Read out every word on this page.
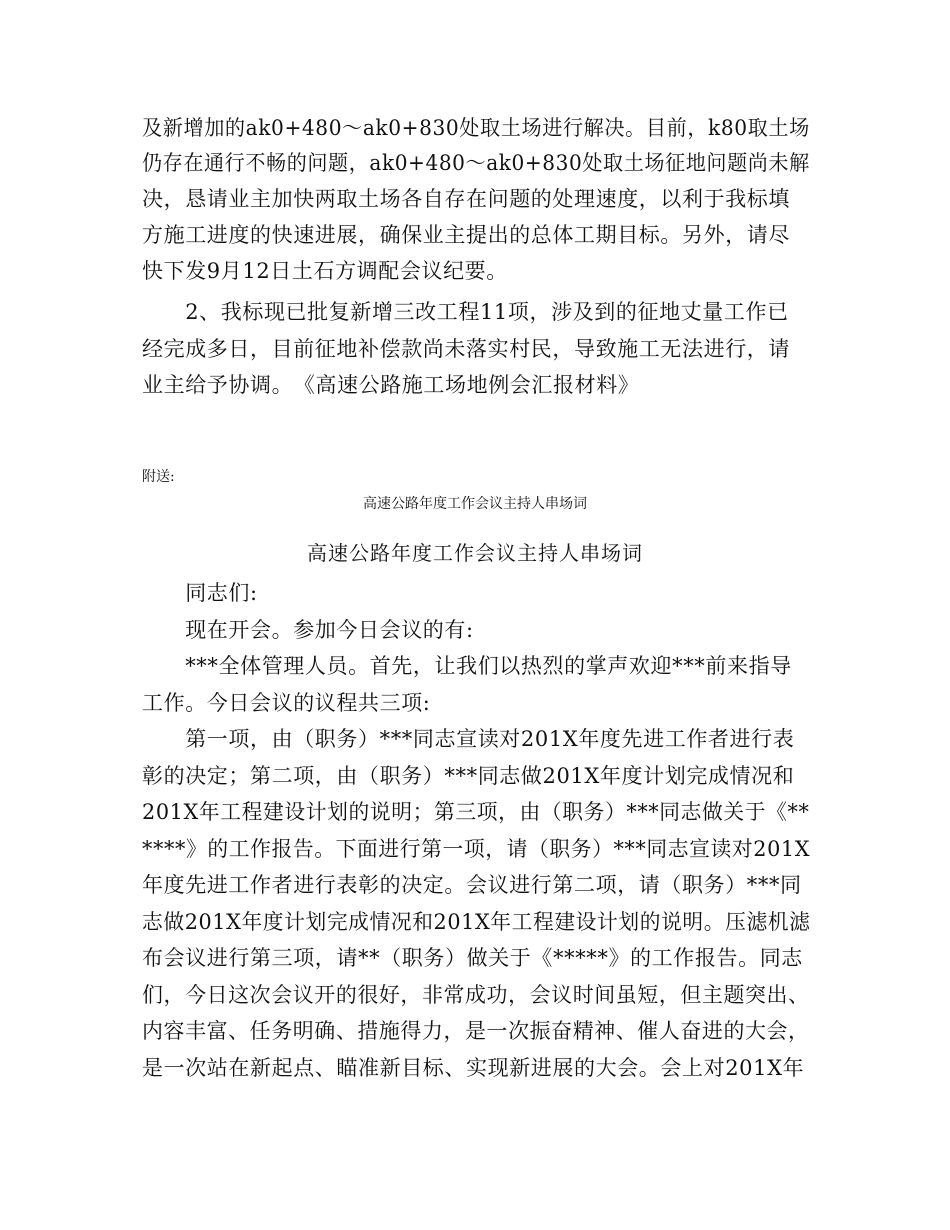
及新增加的ak0+480～ak0+830处取土场进行解决。目前，k80取土场
仍存在通行不畅的问题，ak0+480～ak0+830处取土场征地问题尚未解
决，恳请业主加快两取土场各自存在问题的处理速度，以利于我标填
方施工进度的快速进展，确保业主提出的总体工期目标。另外，请尽
快下发9月12日土石方调配会议纪要。
　　2、我标现已批复新增三改工程11项，涉及到的征地丈量工作已
经完成多日，目前征地补偿款尚未落实村民，导致施工无法进行，请
业主给予协调。　《高速公路施工场地例会汇报材料》
附送:
高速公路年度工作会议主持人串场词
高速公路年度工作会议主持人串场词
　　同志们:
　　现在开会。参加今日会议的有:
　　***全体管理人员。首先，让我们以热烈的掌声欢迎***前来指导
工作。今日会议的议程共三项:
　　第一项，由（职务）***同志宣读对201X年度先进工作者进行表
彰的决定；第二项，由（职务）***同志做201X年度计划完成情况和
201X年工程建设计划的说明；第三项，由（职务）***同志做关于《**
****》的工作报告。下面进行第一项，请（职务）***同志宣读对201X
年度先进工作者进行表彰的决定。会议进行第二项，请（职务）***同
志做201X年度计划完成情况和201X年工程建设计划的说明。压滤机滤
布会议进行第三项，请**（职务）做关于《*****》的工作报告。同志
们，今日这次会议开的很好，非常成功，会议时间虽短，但主题突出、
内容丰富、任务明确、措施得力，是一次振奋精神、催人奋进的大会，
是一次站在新起点、瞄准新目标、实现新进展的大会。会上对201X年
